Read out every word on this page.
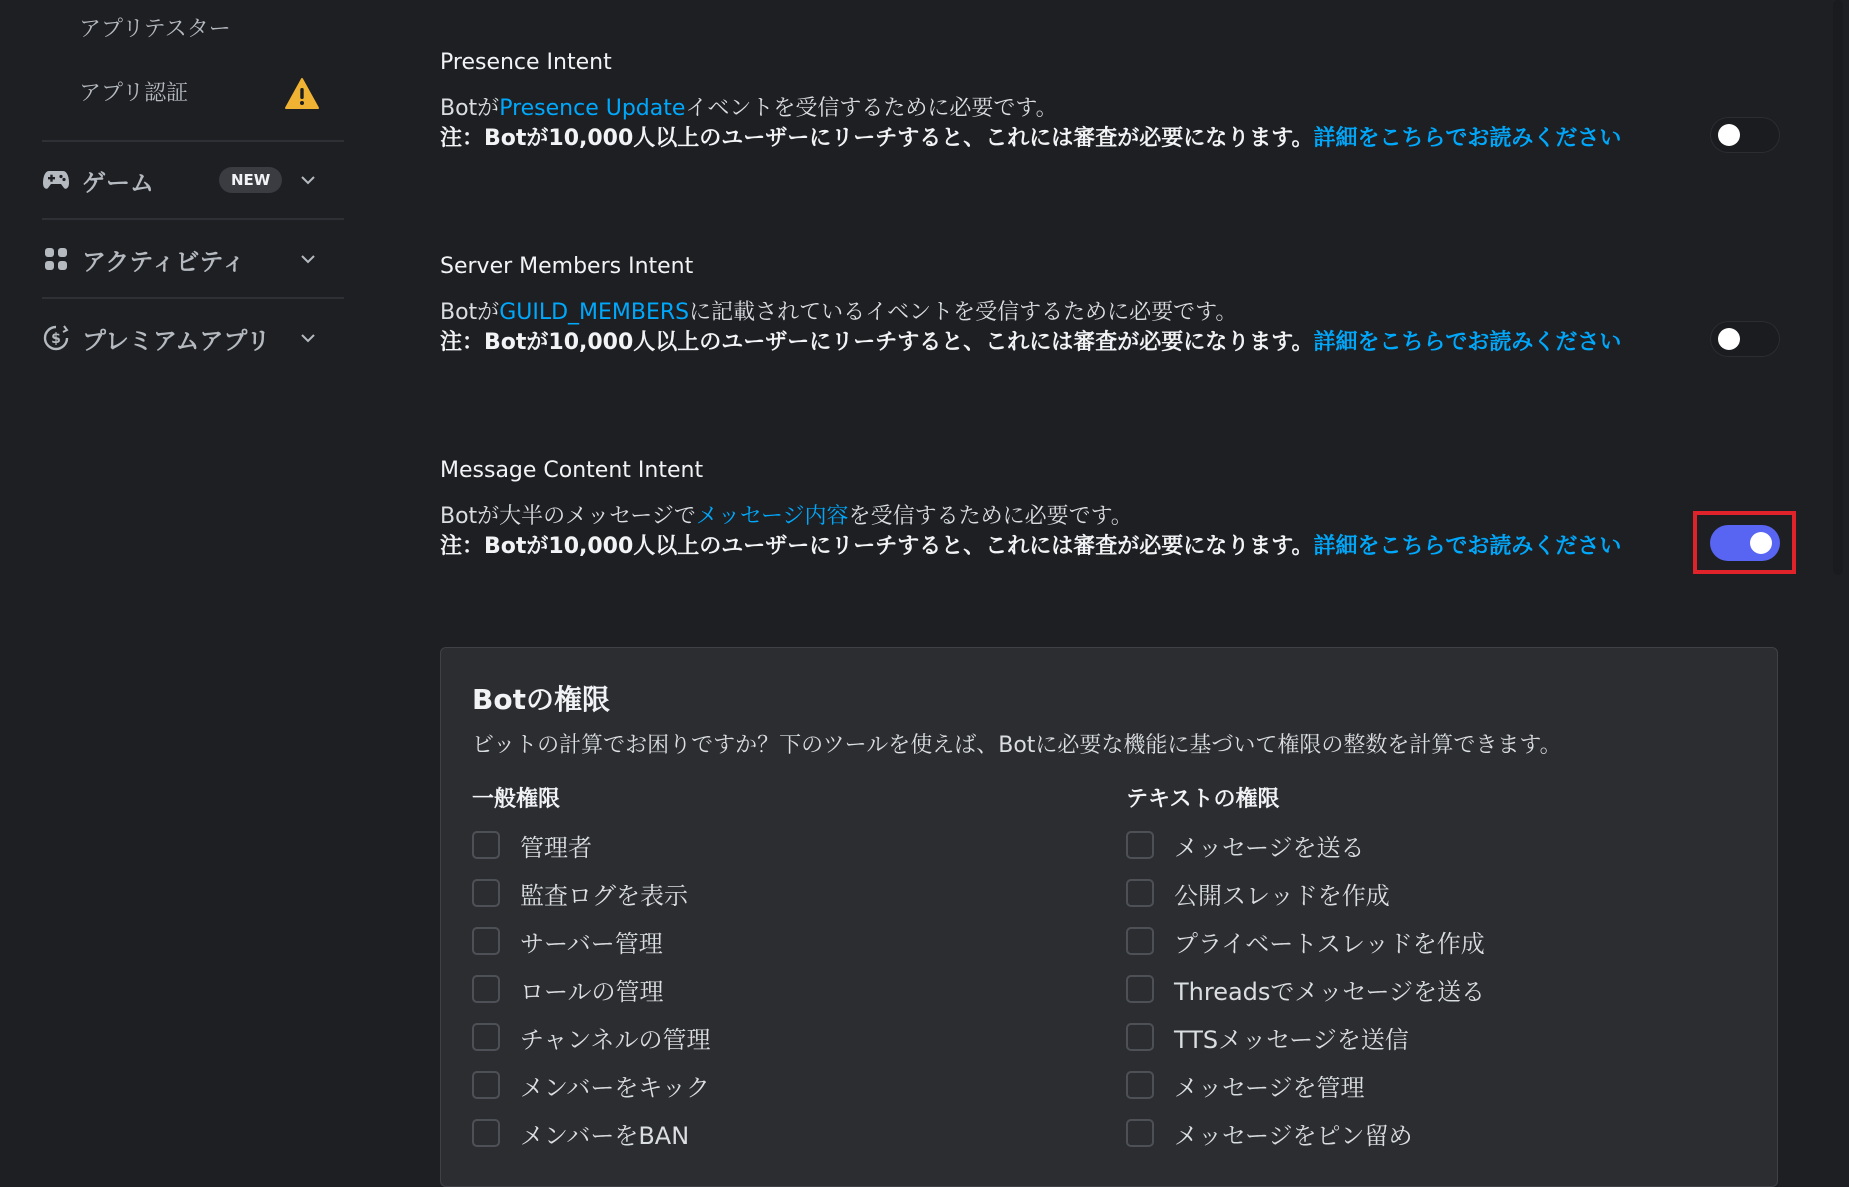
アプリテスター
アプリ認証
ゲーム	NEW
アクティビティ
$ プレミアムアプリ
Presence Intent
BotがPresence Updateイベントを受信するために必要です。
注：Botが10,000人以上のユーザーにリーチすると、これには審査が必要になります。詳細をこちらでお読みください
Server Members Intent
BotがGUILD_MEMBERSに記載されているイベントを受信するために必要です。
注：Botが10,000人以上のユーザーにリーチすると、これには審査が必要になります。詳細をこちらでお読みください
Message Content Intent
Botが大半のメッセージでメッセージ内容を受信するために必要です。
注：Botが10,000人以上のユーザーにリーチすると、これには審査が必要になります。詳細をこちらでお読みください
Botの権限
ビットの計算でお困りですか？下のツールを使えば、Botに必要な機能に基づいて権限の整数を計算できます。
一般権限
管理者
監査ログを表示
サーバー管理
ロールの管理
チャンネルの管理
メンバーをキック
メンバーをBAN
テキストの権限
メッセージを送る
公開スレッドを作成
プライベートスレッドを作成
Threadsでメッセージを送る
TTSメッセージを送信
メッセージを管理
メッセージをピン留め
